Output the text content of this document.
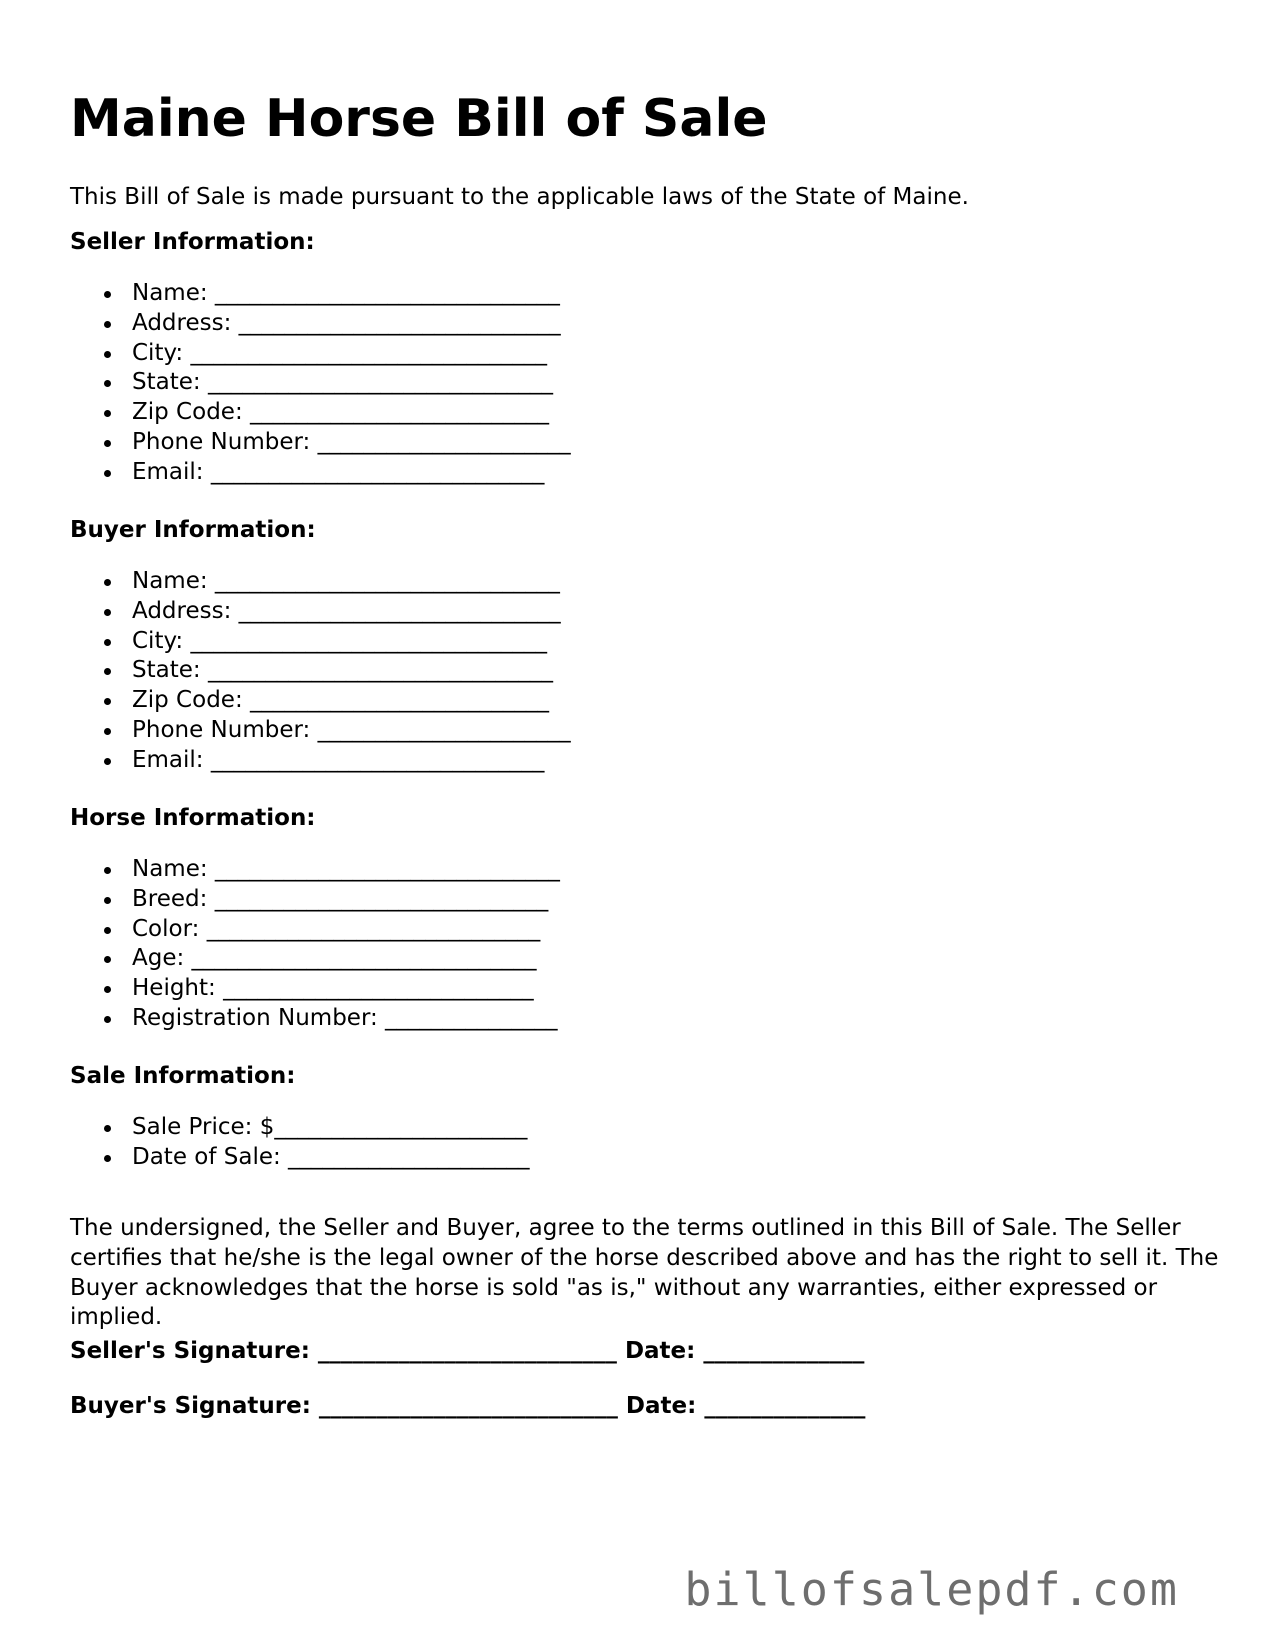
Maine Horse Bill of Sale

This Bill of Sale is made pursuant to the applicable laws of the State of Maine.

Seller Information:

Name: ______________________________
Address: ____________________________
City: _______________________________
State: ______________________________
Zip Code: __________________________
Phone Number: ______________________
Email: _____________________________

Buyer Information:

Name: ______________________________
Address: ____________________________
City: _______________________________
State: ______________________________
Zip Code: __________________________
Phone Number: ______________________
Email: _____________________________

Horse Information:

Name: ______________________________
Breed: _____________________________
Color: _____________________________
Age: ______________________________
Height: ___________________________
Registration Number: _______________

Sale Information:

Sale Price: $______________________
Date of Sale: _____________________

The undersigned, the Seller and Buyer, agree to the terms outlined in this Bill of Sale. The Seller certifies that he/she is the legal owner of the horse described above and has the right to sell it. The Buyer acknowledges that the horse is sold "as is," without any warranties, either expressed or implied.

Seller's Signature: __________________________ Date: ______________

Buyer's Signature: __________________________ Date: ______________

billofsalepdf.com
